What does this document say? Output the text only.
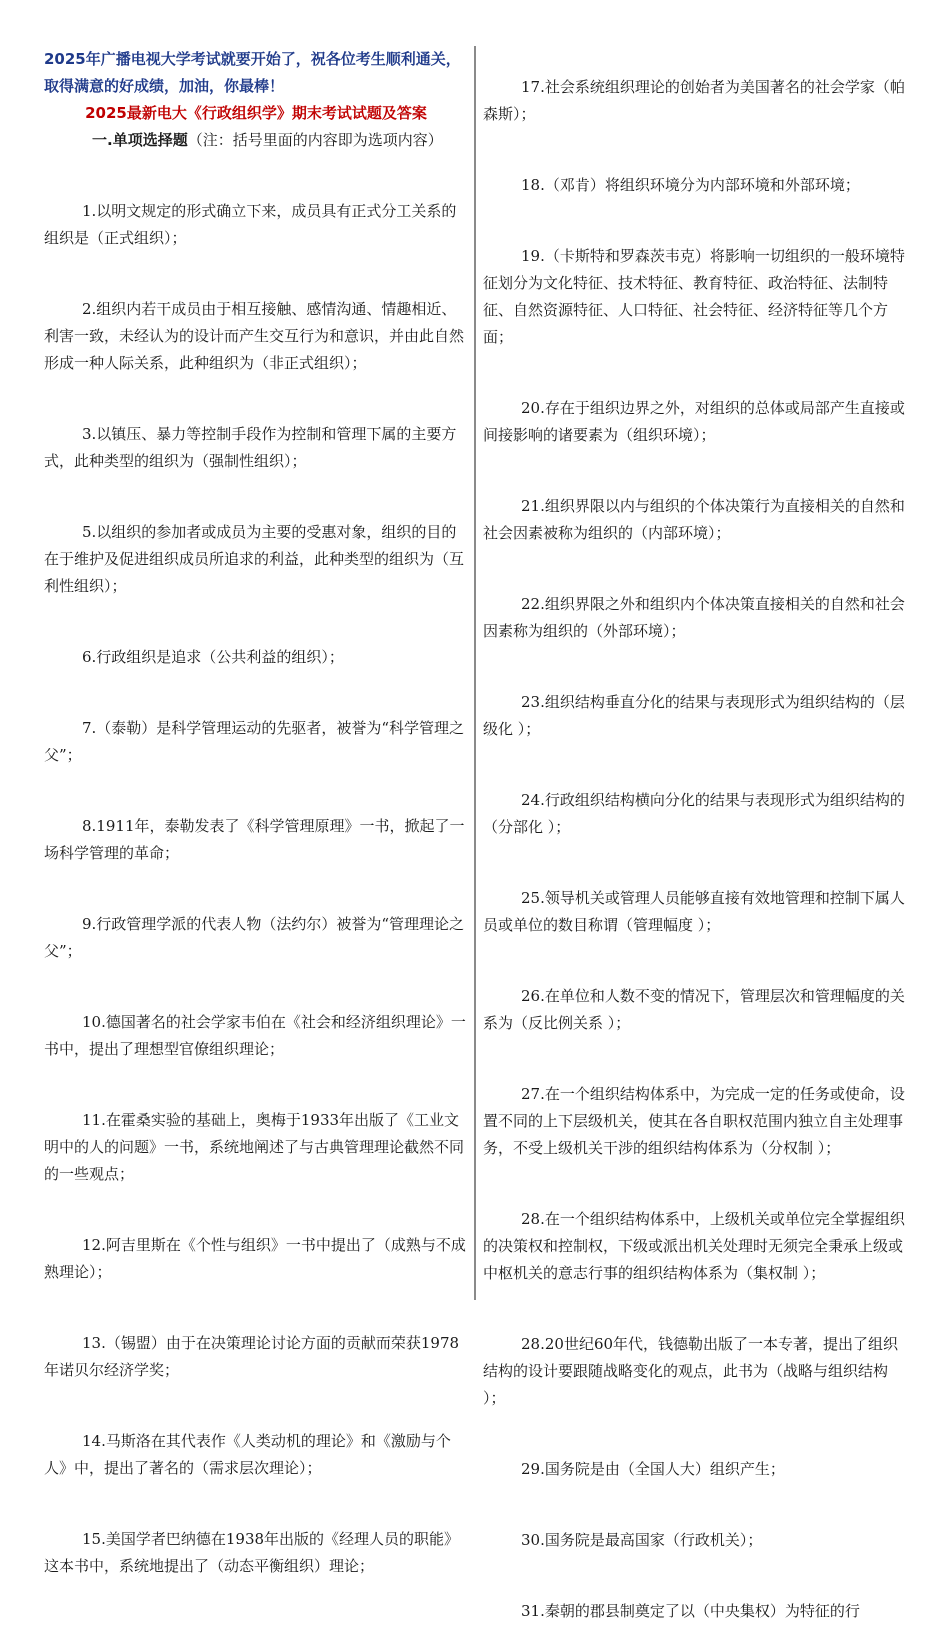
2025年广播电视大学考试就要开始了，祝各位考生顺利通关，取得满意的好成绩，加油，你最棒！

2025最新电大《行政组织学》期末考试试题及答案

一.单项选择题（注：括号里面的内容即为选项内容）

1.以明文规定的形式确立下来，成员具有正式分工关系的组织是（正式组织）；

2.组织内若干成员由于相互接触、感情沟通、情趣相近、利害一致，未经认为的设计而产生交互行为和意识，并由此自然形成一种人际关系，此种组织为（非正式组织）；

3.以镇压、暴力等控制手段作为控制和管理下属的主要方式，此种类型的组织为（强制性组织）；

5.以组织的参加者或成员为主要的受惠对象，组织的目的在于维护及促进组织成员所追求的利益，此种类型的组织为（互利性组织）；

6.行政组织是追求（公共利益的组织）；

7.（泰勒）是科学管理运动的先驱者，被誉为“科学管理之父”；

8.1911年，泰勒发表了《科学管理原理》一书，掀起了一场科学管理的革命；

9.行政管理学派的代表人物（法约尔）被誉为“管理理论之父”；

10.德国著名的社会学家韦伯在《社会和经济组织理论》一书中，提出了理想型官僚组织理论；

11.在霍桑实验的基础上，奥梅于1933年出版了《工业文明中的人的问题》一书，系统地阐述了与古典管理理论截然不同的一些观点；

12.阿吉里斯在《个性与组织》一书中提出了（成熟与不成熟理论）；

13.（锡盟）由于在决策理论讨论方面的贡献而荣获1978年诺贝尔经济学奖；

14.马斯洛在其代表作《人类动机的理论》和《激励与个人》中，提出了著名的（需求层次理论）；

15.美国学者巴纳德在1938年出版的《经理人员的职能》这本书中，系统地提出了（动态平衡组织）理论；

17.社会系统组织理论的创始者为美国著名的社会学家（帕森斯）；

18.（邓肯）将组织环境分为内部环境和外部环境；

19.（卡斯特和罗森茨韦克）将影响一切组织的一般环境特征划分为文化特征、技术特征、教育特征、政治特征、法制特征、自然资源特征、人口特征、社会特征、经济特征等几个方面；

20.存在于组织边界之外，对组织的总体或局部产生直接或间接影响的诸要素为（组织环境）；

21.组织界限以内与组织的个体决策行为直接相关的自然和社会因素被称为组织的（内部环境）；

22.组织界限之外和组织内个体决策直接相关的自然和社会因素称为组织的（外部环境）；

23.组织结构垂直分化的结果与表现形式为组织结构的（层级化 ）；

24.行政组织结构横向分化的结果与表现形式为组织结构的（分部化 ）；

25.领导机关或管理人员能够直接有效地管理和控制下属人员或单位的数目称谓（管理幅度 ）；

26.在单位和人数不变的情况下，管理层次和管理幅度的关系为（反比例关系 ）；

27.在一个组织结构体系中，为完成一定的任务或使命，设置不同的上下层级机关，使其在各自职权范围内独立自主处理事务，不受上级机关干涉的组织结构体系为（分权制 ）；

28.在一个组织结构体系中，上级机关或单位完全掌握组织的决策权和控制权，下级或派出机关处理时无须完全秉承上级或中枢机关的意志行事的组织结构体系为（集权制 ）；

28.20世纪60年代，钱德勒出版了一本专著，提出了组织结构的设计要跟随战略变化的观点，此书为（战略与组织结构 ）；

29.国务院是由（全国人大）组织产生；

30.国务院是最高国家（行政机关）；

31.秦朝的郡县制奠定了以（中央集权）为特征的行
